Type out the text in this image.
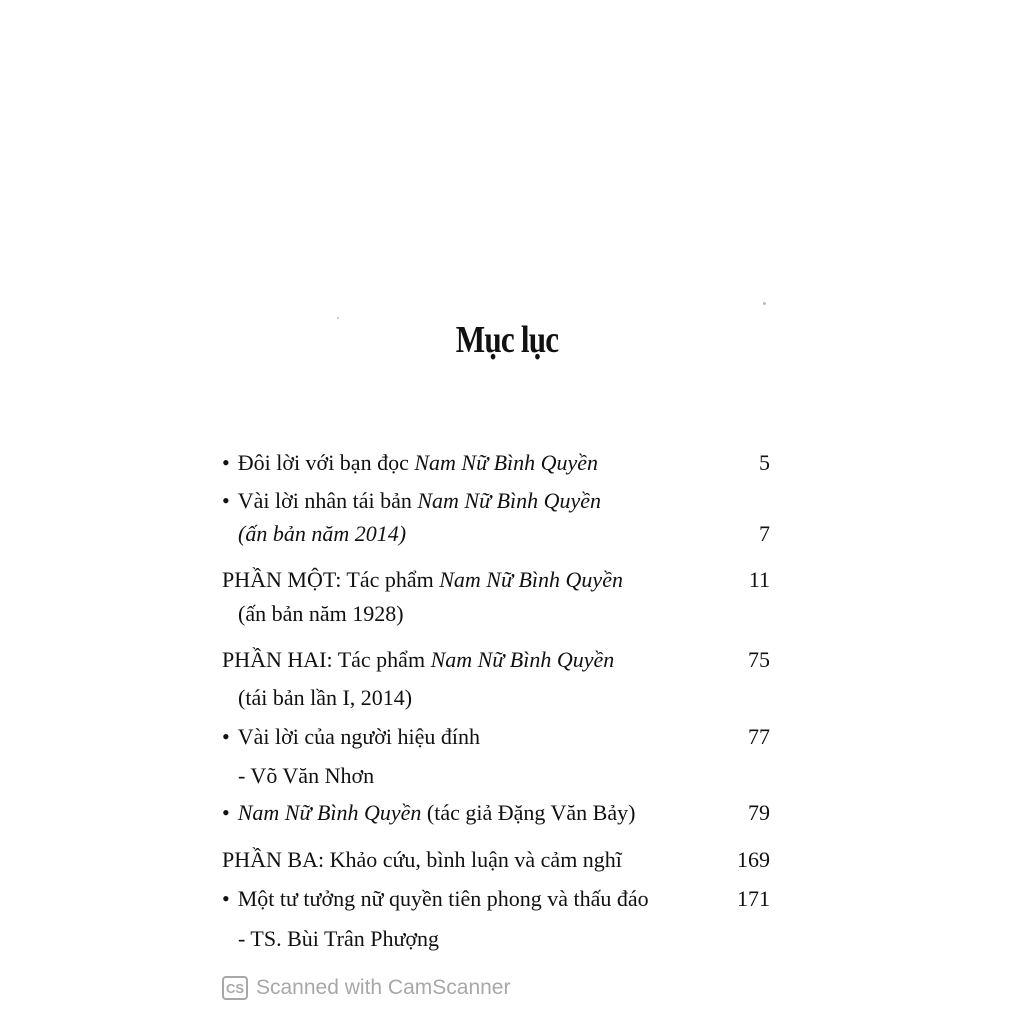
Mục lục
• Đôi lời với bạn đọc Nam Nữ Bình Quyền	5
• Vài lời nhân tái bản Nam Nữ Bình Quyền
(ấn bản năm 2014)	7
PHẦN MỘT: Tác phẩm Nam Nữ Bình Quyền	11
(ấn bản năm 1928)
PHẦN HAI: Tác phẩm Nam Nữ Bình Quyền	75
(tái bản lần I, 2014)
• Vài lời của người hiệu đính	77
- Võ Văn Nhơn
• Nam Nữ Bình Quyền (tác giả Đặng Văn Bảy)	79
PHẦN BA: Khảo cứu, bình luận và cảm nghĩ	169
• Một tư tưởng nữ quyền tiên phong và thấu đáo	171
- TS. Bùi Trân Phượng
CS Scanned with CamScanner
